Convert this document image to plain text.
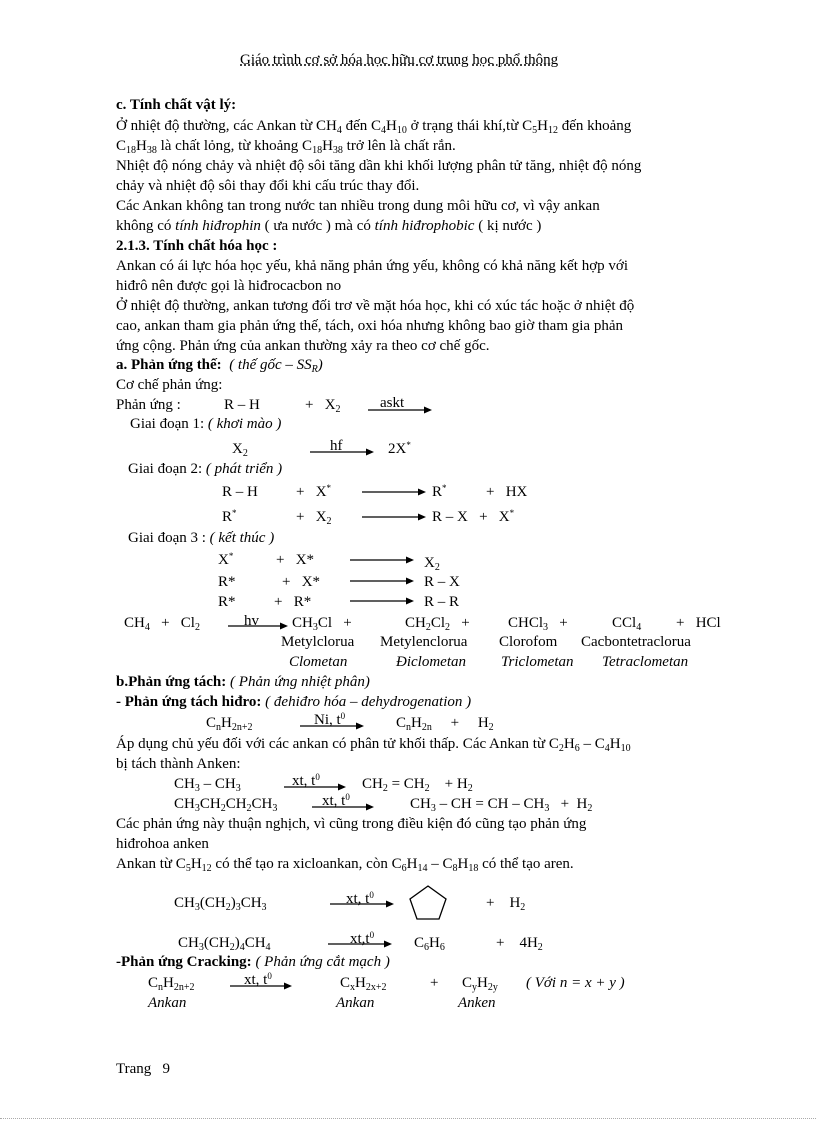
Giáo trình cơ sở hóa học hữu cơ trung học phổ thông
c. Tính chất vật lý:
Ở nhiệt độ thường, các Ankan từ $CH_4$ đến $C_4H_{10}$ ở trạng thái khí,từ $C_5H_{12}$ đến khoảng
$C_{18}H_{38}$ là chất lỏng, từ khoảng $C_{18}H_{38}$ trở lên là chất rắn.
Nhiệt độ nóng chảy và nhiệt độ sôi tăng dần khi khối lượng phân tử tăng, nhiệt độ nóng
chảy và nhiệt độ sôi thay đổi khi cấu trúc thay đổi.
Các Ankan không tan trong nước tan nhiều trong dung môi hữu cơ, vì vậy ankan
không có tính hiđrophin ( ưa nước ) mà có tính hiđrophobic ( kị nước )
2.1.3. Tính chất hóa học :
Ankan có ái lực hóa học yếu, khả năng phản ứng yếu, không có khả năng kết hợp với
hiđrô nên được gọi là hiđrocacbon no
Ở nhiệt độ thường, ankan tương đối trơ về mặt hóa học, khi có xúc tác hoặc ở nhiệt độ
cao, ankan tham gia phản ứng thế, tách, oxi hóa nhưng không bao giờ tham gia phản
ứng cộng. Phản ứng của ankan thường xảy ra theo cơ chế gốc.
a. Phản ứng thế: ( thế gốc – $SS_R$)
Cơ chế phản ứng:
Phản ứng :	R – H	+   $X_2$	askt
Giai đoạn 1: ( khơi mào )
$X_2$	hf	2X*
Giai đoạn 2: ( phát triển )
R – H	+   X*	R*	+   HX
R*	+   $X_2$	R – X   +   X*
Giai đoạn 3 : ( kết thúc )
X*	+   X*	$X_2$
R*	+   X*	R – X
R*	+   R*	R – R
$CH_4 + Cl_2$	hv → $CH_3Cl$   +	$CH_2Cl_2$   +	CHCl$_3$   +	CCl$_4$ +   HCl
Metylclorua Metylenclorua Clorofom Cacbontetraclorua
Clometan	Điclometan Triclometan Tetraclometan
b.Phản ứng tách: ( Phản ứng nhiệt phân)
- Phản ứng tách hiđro: ( đehiđro hóa – dehydrogenation )
$C_nH_{2n+2}$	Ni, $t^0$	$C_nH_{2n}$     +     $H_2$
Áp dụng chủ yếu đối với các ankan có phân tử khối thấp. Các Ankan từ $C_2H_6 - C_4H_{10}$
bị tách thành Anken:
$CH_3 - CH_3$	xt, $t^0$	$CH_2 = CH_2$    + $H_2$
$CH_3CH_2CH_2CH_3$	xt, $t^0$	$CH_3$ – CH = CH – $CH_3 + H_2$
Các phản ứng này thuận nghịch, vì cũng trong điều kiện đó cũng tạo phản ứng
hiđrohoa anken
Ankan từ $C_5H_{12}$ có thể tạo ra xicloankan, còn $C_6H_{14} - C_8H_{18}$ có thể tạo aren.
$CH_3(CH_2)_3CH_3$
xt, $t^0$	+    $H_2$
$CH_3(CH_2)_4CH_4$
$xt,t^0$	$C_6H_6$	+    $4H_2$
-Phản ứng Cracking: ( Phản ứng cắt mạch )
$C_nH_{2n+2}$	xt, $t^0$	$C_xH_{2x+2}$	+ $C_yH_{2y}$ ( Với n = x + y )
Ankan	Ankan	Anken
Trang   9
